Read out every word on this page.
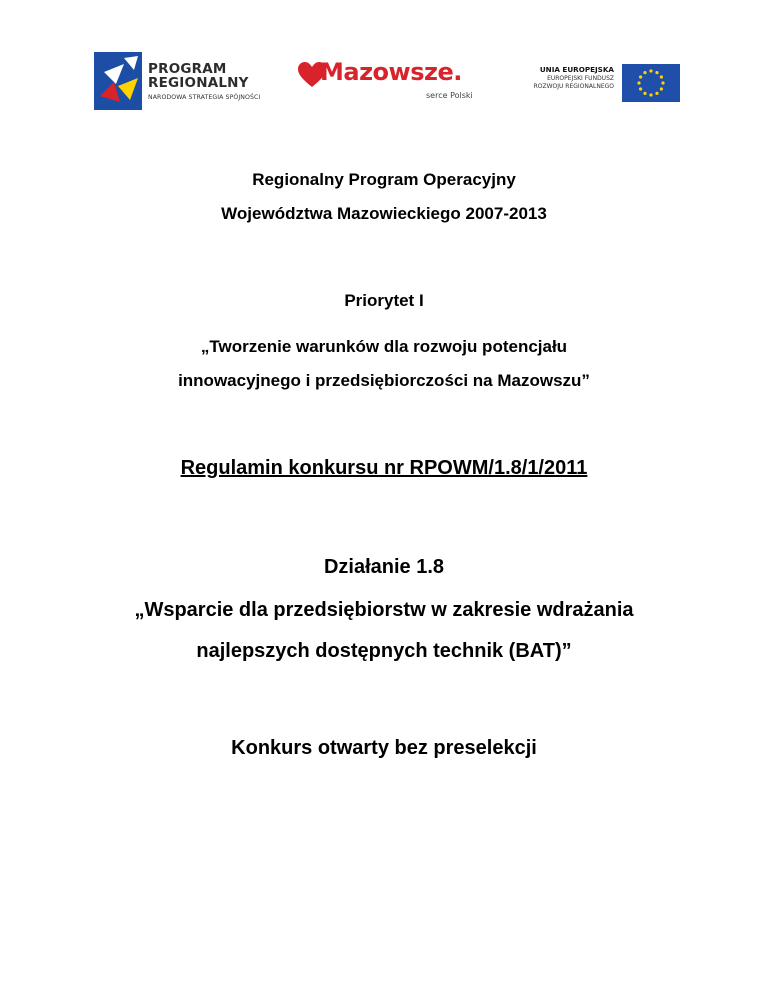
PROGRAM
REGIONALNY
NARODOWA STRATEGIA SPÓJNOŚCI
Mazowsze.
serce Polski
UNIA EUROPEJSKA
EUROPEJSKI FUNDUSZ
ROZWOJU REGIONALNEGO
Regionalny Program Operacyjny
Województwa Mazowieckiego 2007-2013
Priorytet I
„Tworzenie warunków dla rozwoju potencjału
innowacyjnego i przedsiębiorczości na Mazowszu”
Regulamin konkursu nr RPOWM/1.8/1/2011
Działanie 1.8
„Wsparcie dla przedsiębiorstw w zakresie wdrażania
najlepszych dostępnych technik (BAT)”
Konkurs otwarty bez preselekcji
